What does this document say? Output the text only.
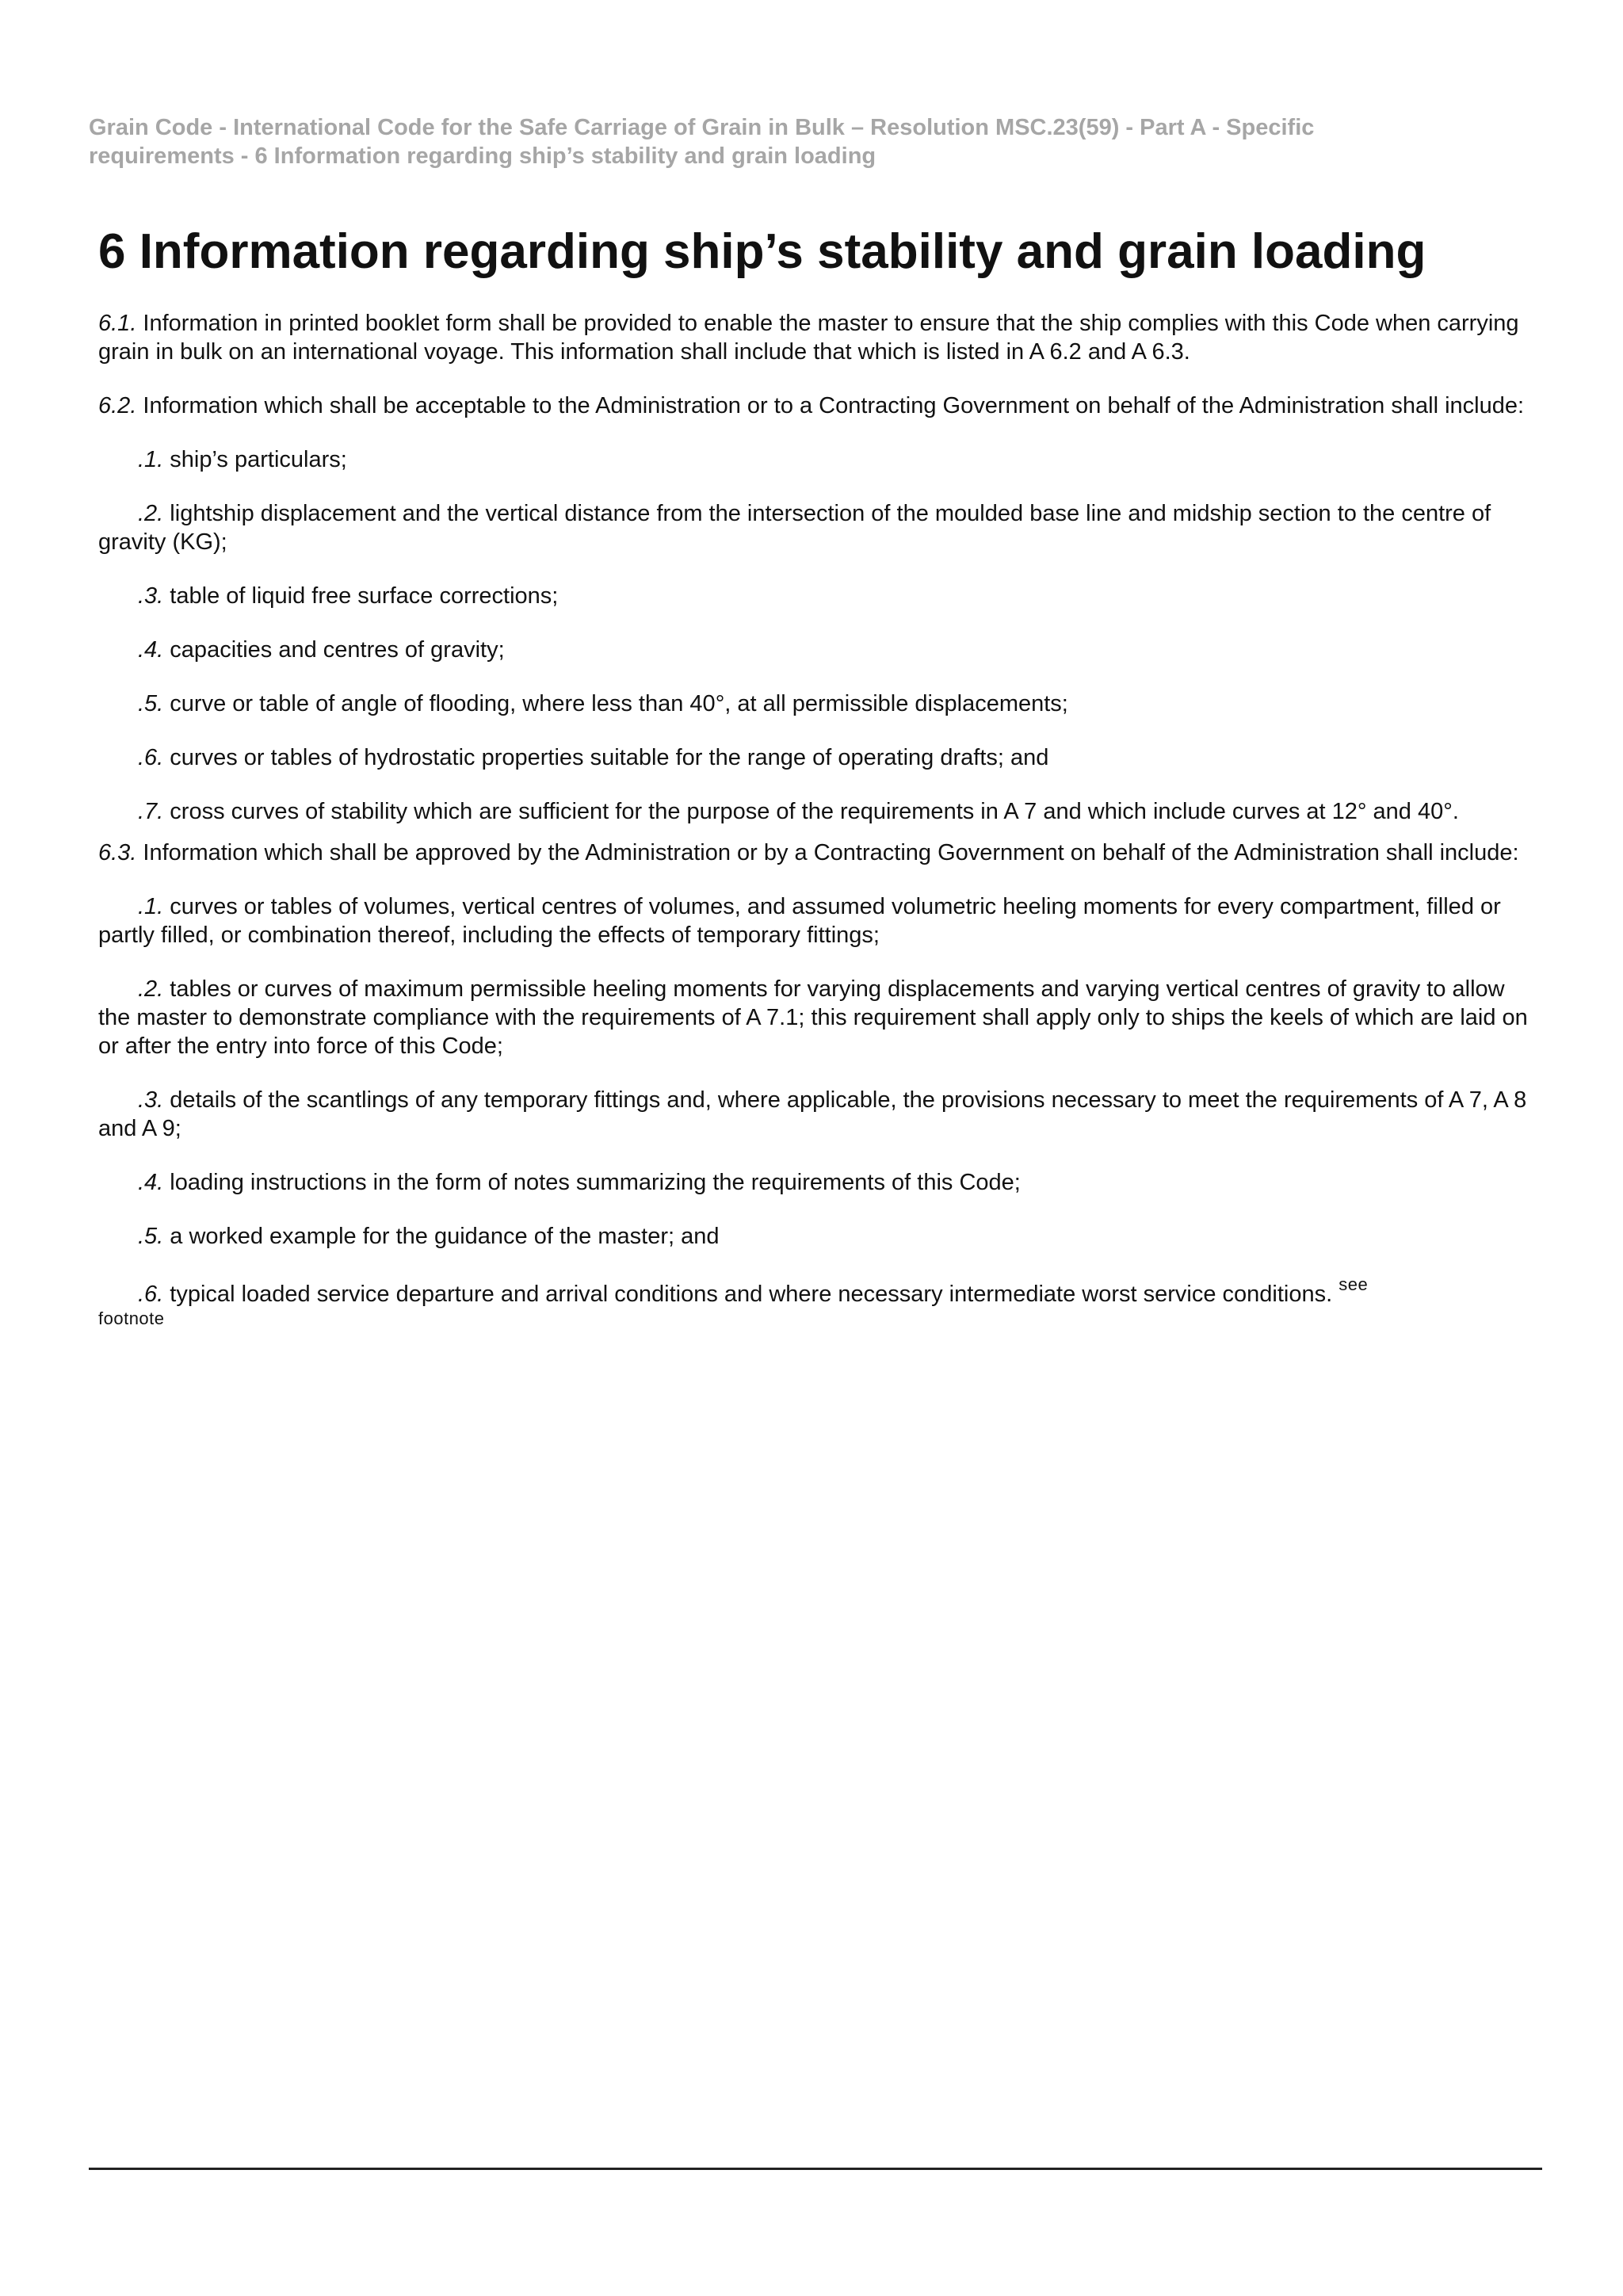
Grain Code - International Code for the Safe Carriage of Grain in Bulk – Resolution MSC.23(59) - Part A - Specific requirements - 6 Information regarding ship’s stability and grain loading
6 Information regarding ship’s stability and grain loading

6.1. Information in printed booklet form shall be provided to enable the master to ensure that the ship complies with this Code when carrying grain in bulk on an international voyage. This information shall include that which is listed in A 6.2 and A 6.3.

6.2. Information which shall be acceptable to the Administration or to a Contracting Government on behalf of the Administration shall include:

.1. ship’s particulars;

.2. lightship displacement and the vertical distance from the intersection of the moulded base line and midship section to the centre of gravity (KG);

.3. table of liquid free surface corrections;

.4. capacities and centres of gravity;

.5. curve or table of angle of flooding, where less than 40°, at all permissible displacements;

.6. curves or tables of hydrostatic properties suitable for the range of operating drafts; and

.7. cross curves of stability which are sufficient for the purpose of the requirements in A 7 and which include curves at 12° and 40°.

6.3. Information which shall be approved by the Administration or by a Contracting Government on behalf of the Administration shall include:

.1. curves or tables of volumes, vertical centres of volumes, and assumed volumetric heeling moments for every compartment, filled or partly filled, or combination thereof, including the effects of temporary fittings;

.2. tables or curves of maximum permissible heeling moments for varying displacements and varying vertical centres of gravity to allow the master to demonstrate compliance with the requirements of A 7.1; this requirement shall apply only to ships the keels of which are laid on or after the entry into force of this Code;

.3. details of the scantlings of any temporary fittings and, where applicable, the provisions necessary to meet the requirements of A 7, A 8 and A 9;

.4. loading instructions in the form of notes summarizing the requirements of this Code;

.5. a worked example for the guidance of the master; and

.6. typical loaded service departure and arrival conditions and where necessary intermediate worst service conditions. see
footnote
